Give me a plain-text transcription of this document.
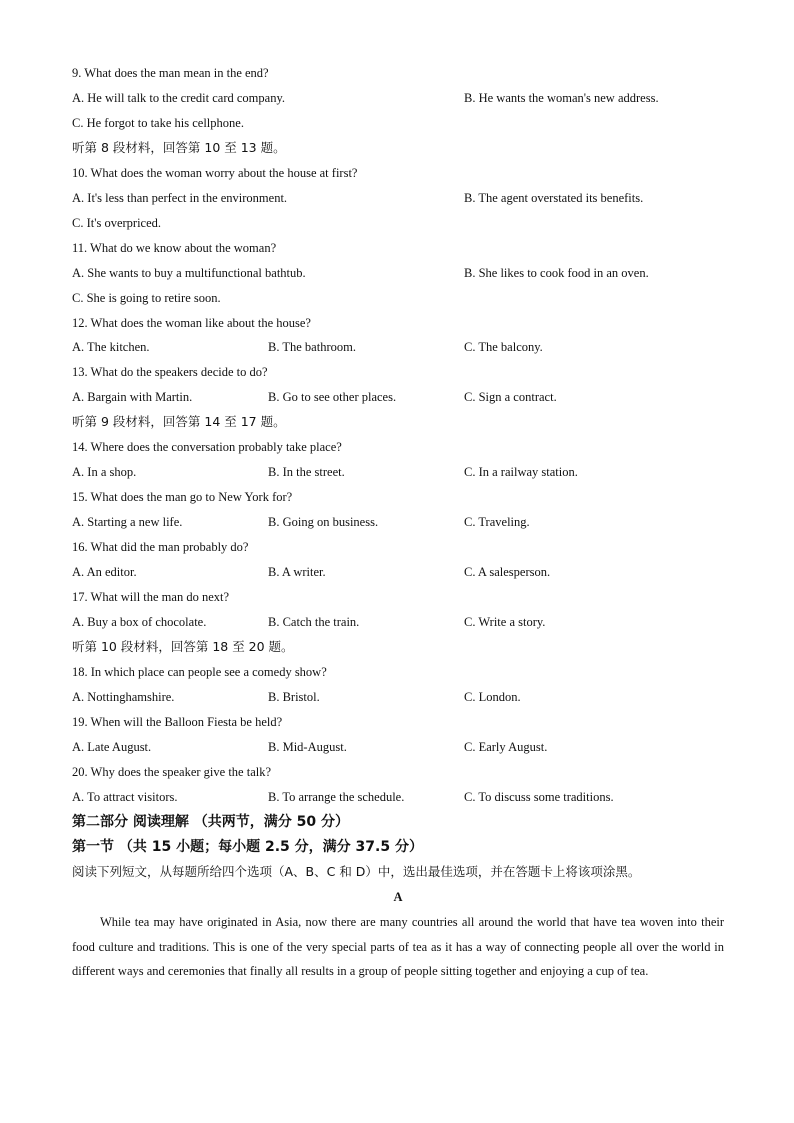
9. What does the man mean in the end?
A. He will talk to the credit card company.	B. He wants the woman's new address.
C. He forgot to take his cellphone.
听第 8 段材料，回答第 10 至 13 题。
10. What does the woman worry about the house at first?
A. It's less than perfect in the environment.	B. The agent overstated its benefits.
C. It's overpriced.
11. What do we know about the woman?
A. She wants to buy a multifunctional bathtub.	B. She likes to cook food in an oven.
C. She is going to retire soon.
12. What does the woman like about the house?
A. The kitchen.	B. The bathroom.	C. The balcony.
13. What do the speakers decide to do?
A. Bargain with Martin.	B. Go to see other places.	C. Sign a contract.
听第 9 段材料，回答第 14 至 17 题。
14. Where does the conversation probably take place?
A. In a shop.	B. In the street.	C. In a railway station.
15. What does the man go to New York for?
A. Starting a new life.	B. Going on business.	C. Traveling.
16. What did the man probably do?
A. An editor.	B. A writer.	C. A salesperson.
17. What will the man do next?
A. Buy a box of chocolate.	B. Catch the train.	C. Write a story.
听第 10 段材料，回答第 18 至 20 题。
18. In which place can people see a comedy show?
A. Nottinghamshire.	B. Bristol.	C. London.
19. When will the Balloon Fiesta be held?
A. Late August.	B. Mid-August.	C. Early August.
20. Why does the speaker give the talk?
A. To attract visitors.	B. To arrange the schedule.	C. To discuss some traditions.
第二部分 阅读理解 （共两节，满分 50 分）
第一节 （共 15 小题；每小题 2.5 分，满分 37.5 分）
阅读下列短文，从每题所给四个选项（A、B、C 和 D）中，选出最佳选项，并在答题卡上将该项涂黑。
A
While tea may have originated in Asia, now there are many countries all around the world that have tea woven into their food culture and traditions. This is one of the very special parts of tea as it has a way of connecting people all over the world in different ways and ceremonies that finally all results in a group of people sitting together and enjoying a cup of tea.
